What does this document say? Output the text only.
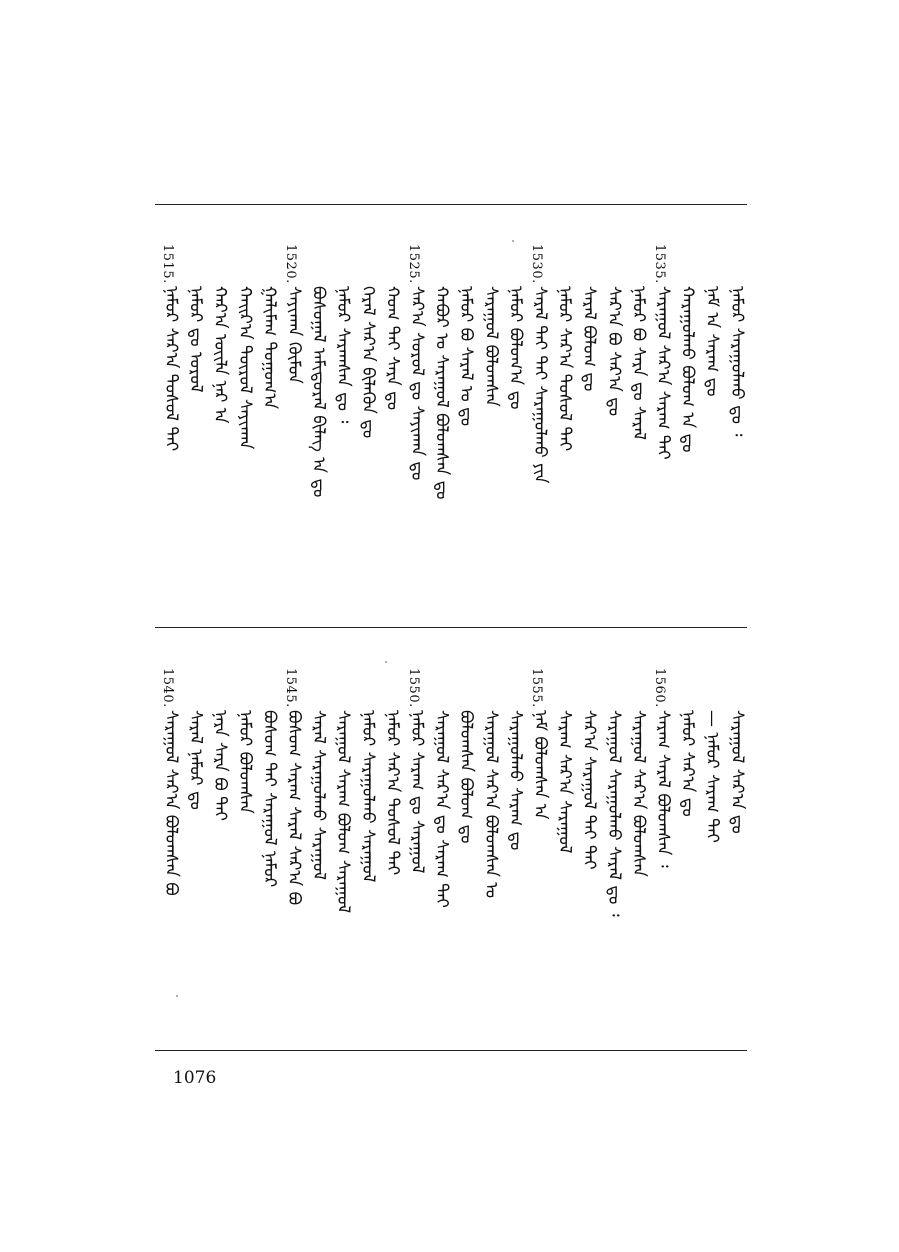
1515.
ᠨᠠᠮᠤᠷ ᠰᠠᠷ᠎ᠠ ᠳᠤᠰᠤᠯ ᠲᠠᠢ ᠨᠠᠮᠤᠷ ᠳᠤ ᠣᠷᠤᠯ ᠬᠠᠷ᠎ᠠ ᠦᠢᠯᠡ ᠨᠠᠷ ᠠ ᠬᠠᠢᠷ᠎ᠠ ᠲᠦᠷᠦᠯ ᠰᠠᠶᠢᠬᠠᠨ ᠭᠠᠯᠢᠮᠠᠭ ᠲᠣᠭᠤᠭ᠎ᠠ
1520.
ᠰᠠᠶᠢᠬᠠᠨ ᠬᠦᠮᠦᠨ ᠪᠣᠰᠣᠭᠠᠯ ᠠᠮᠢᠳᠤᠷᠠᠯ ᠪᠢᠯᠡᠭ ᠠ ᠳᠤ ᠨᠠᠮᠤᠷ ᠰᠠᠷᠠᠭᠰᠠᠨ ᠳᠤ ᠄ ᠭᠡᠷᠡᠯ ᠰᠠᠷ᠎ᠠ ᠪᠢᠯᠡᠭᠦᠨ ᠳᠤ ᠬᠣᠭ ᠲᠠᠢ ᠰᠠᠷᠠ ᠳᠤ
1525.
ᠰᠠᠷ᠎ᠠ ᠰᠤᠷᠤᠯ ᠳᠤ ᠰᠠᠶᠢᠬᠠᠨ ᠳᠤ ᠬᠠᠪᠤᠷ ᠤ ᠰᠠᠷᠠᠭᠤᠯ ᠪᠣᠯᠤᠭᠰᠠᠨ ᠳᠤ ᠨᠠᠮᠤᠷ ᠪᠣ ᠰᠠᠷᠠᠯ ᠤ ᠳᠤ ᠰᠠᠷᠠᠭᠤᠯ ᠪᠣᠯᠤᠭᠰᠠᠨ ᠨᠠᠮᠤᠷ ᠪᠣᠯᠤᠭ᠎ᠠ ᠳᠤ
1530.
ᠰᠠᠷᠠᠯ ᠲᠠᠢ ᠲᠠᠢ ᠰᠠᠷᠠᠭᠤᠯᠬᠤ ᠶᠢᠨ ᠨᠠᠮᠤᠷ ᠰᠠᠷ᠎ᠠ ᠳᠤᠰᠤᠯ ᠲᠠᠢ ᠰᠠᠷᠠᠯ ᠪᠣᠯᠤᠭ ᠳᠤ ᠰᠠᠷ᠎ᠠ ᠪᠣ ᠰᠠᠷ᠎ᠠ ᠳᠤ ᠨᠠᠮᠤᠷ ᠪᠣ ᠰᠠᠷᠠ ᠳᠤ ᠰᠠᠷᠠᠯ
1535.
ᠰᠠᠷᠠᠭᠤᠯ ᠰᠠᠷ᠎ᠠ ᠰᠠᠷᠠᠭ ᠲᠠᠢ ᠬᠠᠷᠠᠭᠤᠯᠬᠤ ᠪᠣᠯᠤᠭ ᠠ ᠳᠤ ᠨᠠᠮ ᠠ ᠰᠠᠷᠠᠭ ᠳᠤ ᠨᠠᠮᠤᠷ ᠰᠠᠷᠠᠭᠤᠯᠬᠤ ᠳᠤ ᠄
1540.
ᠰᠠᠷᠠᠭᠤᠯ ᠰᠠᠷ᠎ᠠ ᠪᠣᠯᠤᠭᠰᠠᠨ ᠪᠣ ᠰᠠᠷᠠᠯ ᠨᠠᠮᠤᠷ ᠳᠤ ᠨᠠᠷᠠ ᠰᠠᠷᠠ ᠪᠣ ᠲᠠᠢ ᠨᠠᠮᠤᠷ ᠪᠣᠯᠤᠭᠰᠠᠨ ᠪᠣᠰᠣᠭ ᠲᠠᠢ ᠰᠠᠷᠠᠭᠤᠯ ᠨᠠᠮᠤᠷ
1545.
ᠪᠣᠰᠣᠭ ᠰᠠᠷᠠᠭ ᠰᠠᠷᠠᠯ ᠰᠠᠷ᠎ᠠ ᠪᠣ ᠰᠠᠷᠠᠯ ᠰᠠᠷᠠᠭᠤᠯᠬᠤ ᠰᠠᠷᠠᠭᠤᠯ ᠰᠠᠷᠠᠭᠤᠯ ᠰᠠᠷᠠᠭ ᠪᠣᠯᠤᠭ ᠰᠠᠷᠠᠭᠤᠯ ᠨᠠᠮᠤᠷ ᠰᠠᠷᠠᠭᠤᠯᠬᠤ ᠰᠠᠷᠠᠭᠤᠯ ᠨᠠᠮᠤᠷ ᠰᠠᠷ᠎ᠠ ᠳᠤᠰᠤᠯ ᠲᠠᠢ
1550.
ᠨᠠᠮᠤᠷ ᠰᠠᠷᠠᠭ ᠳᠤ ᠰᠠᠷᠠᠭᠤᠯ ᠰᠠᠷᠠᠭᠤᠯ ᠰᠠᠷ᠎ᠠ ᠳᠤ ᠰᠠᠷᠠᠭ ᠲᠠᠢ ᠪᠣᠯᠤᠭᠰᠠᠨ ᠪᠣᠯᠤᠭ ᠳᠤ ᠰᠠᠷᠠᠭᠤᠯ ᠰᠠᠷ᠎ᠠ ᠪᠣᠯᠤᠭᠰᠠᠨ ᠤ ᠰᠠᠷᠠᠭᠤᠯᠬᠤ ᠰᠠᠷᠠᠭ ᠳᠤ
1555.
ᠨᠠᠮ ᠪᠣᠯᠤᠭᠰᠠᠨ ᠠ ᠰᠠᠷᠠᠭ ᠰᠠᠷ᠎ᠠ ᠰᠠᠷᠠᠭᠤᠯ ᠰᠠᠷ᠎ᠠ ᠰᠠᠷᠠᠭᠤᠯ ᠲᠠᠢ ᠲᠠᠢ ᠰᠠᠷᠠᠭᠤᠯ ᠰᠠᠷᠠᠭᠤᠯᠬᠤ ᠰᠠᠷᠠᠯ ᠳᠤ ᠄ ᠰᠠᠷᠠᠭᠤᠯ ᠰᠠᠷ᠎ᠠ ᠪᠣᠯᠤᠭᠰᠠᠨ
1560.
ᠰᠠᠷᠠᠭ ᠰᠠᠷᠠᠯ ᠪᠣᠯᠤᠭᠰᠠᠨ ᠄ ᠨᠠᠮᠤᠷ ᠰᠠᠷ᠎ᠠ ᠳᠤ — ᠨᠠᠮᠤᠷ ᠰᠠᠷᠠᠭ ᠲᠠᠢ ᠰᠠᠷᠠᠭᠤᠯ ᠰᠠᠷ᠎ᠠ ᠳᠤ
1076
